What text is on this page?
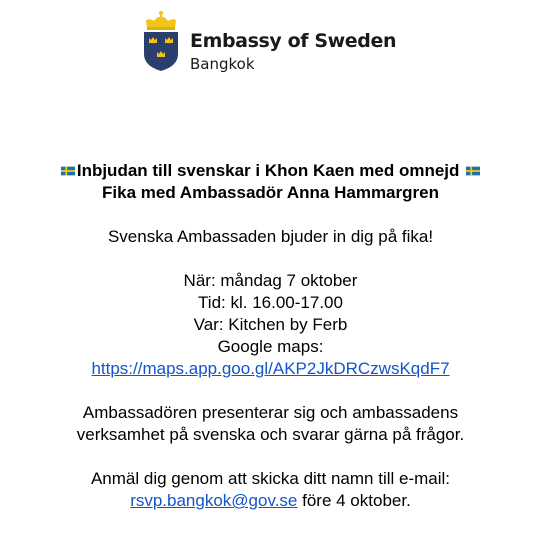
Embassy of Sweden
Bangkok
Inbjudan till svenskar i Khon Kaen med omnejd
Fika med Ambassadör Anna Hammargren
Svenska Ambassaden bjuder in dig på fika!
När: måndag 7 oktober
Tid: kl. 16.00-17.00
Var: Kitchen by Ferb
Google maps:
https://maps.app.goo.gl/AKP2JkDRCzwsKqdF7
Ambassadören presenterar sig och ambassadens
verksamhet på svenska och svarar gärna på frågor.
Anmäl dig genom att skicka ditt namn till e-mail:
rsvp.bangkok@gov.se före 4 oktober.
